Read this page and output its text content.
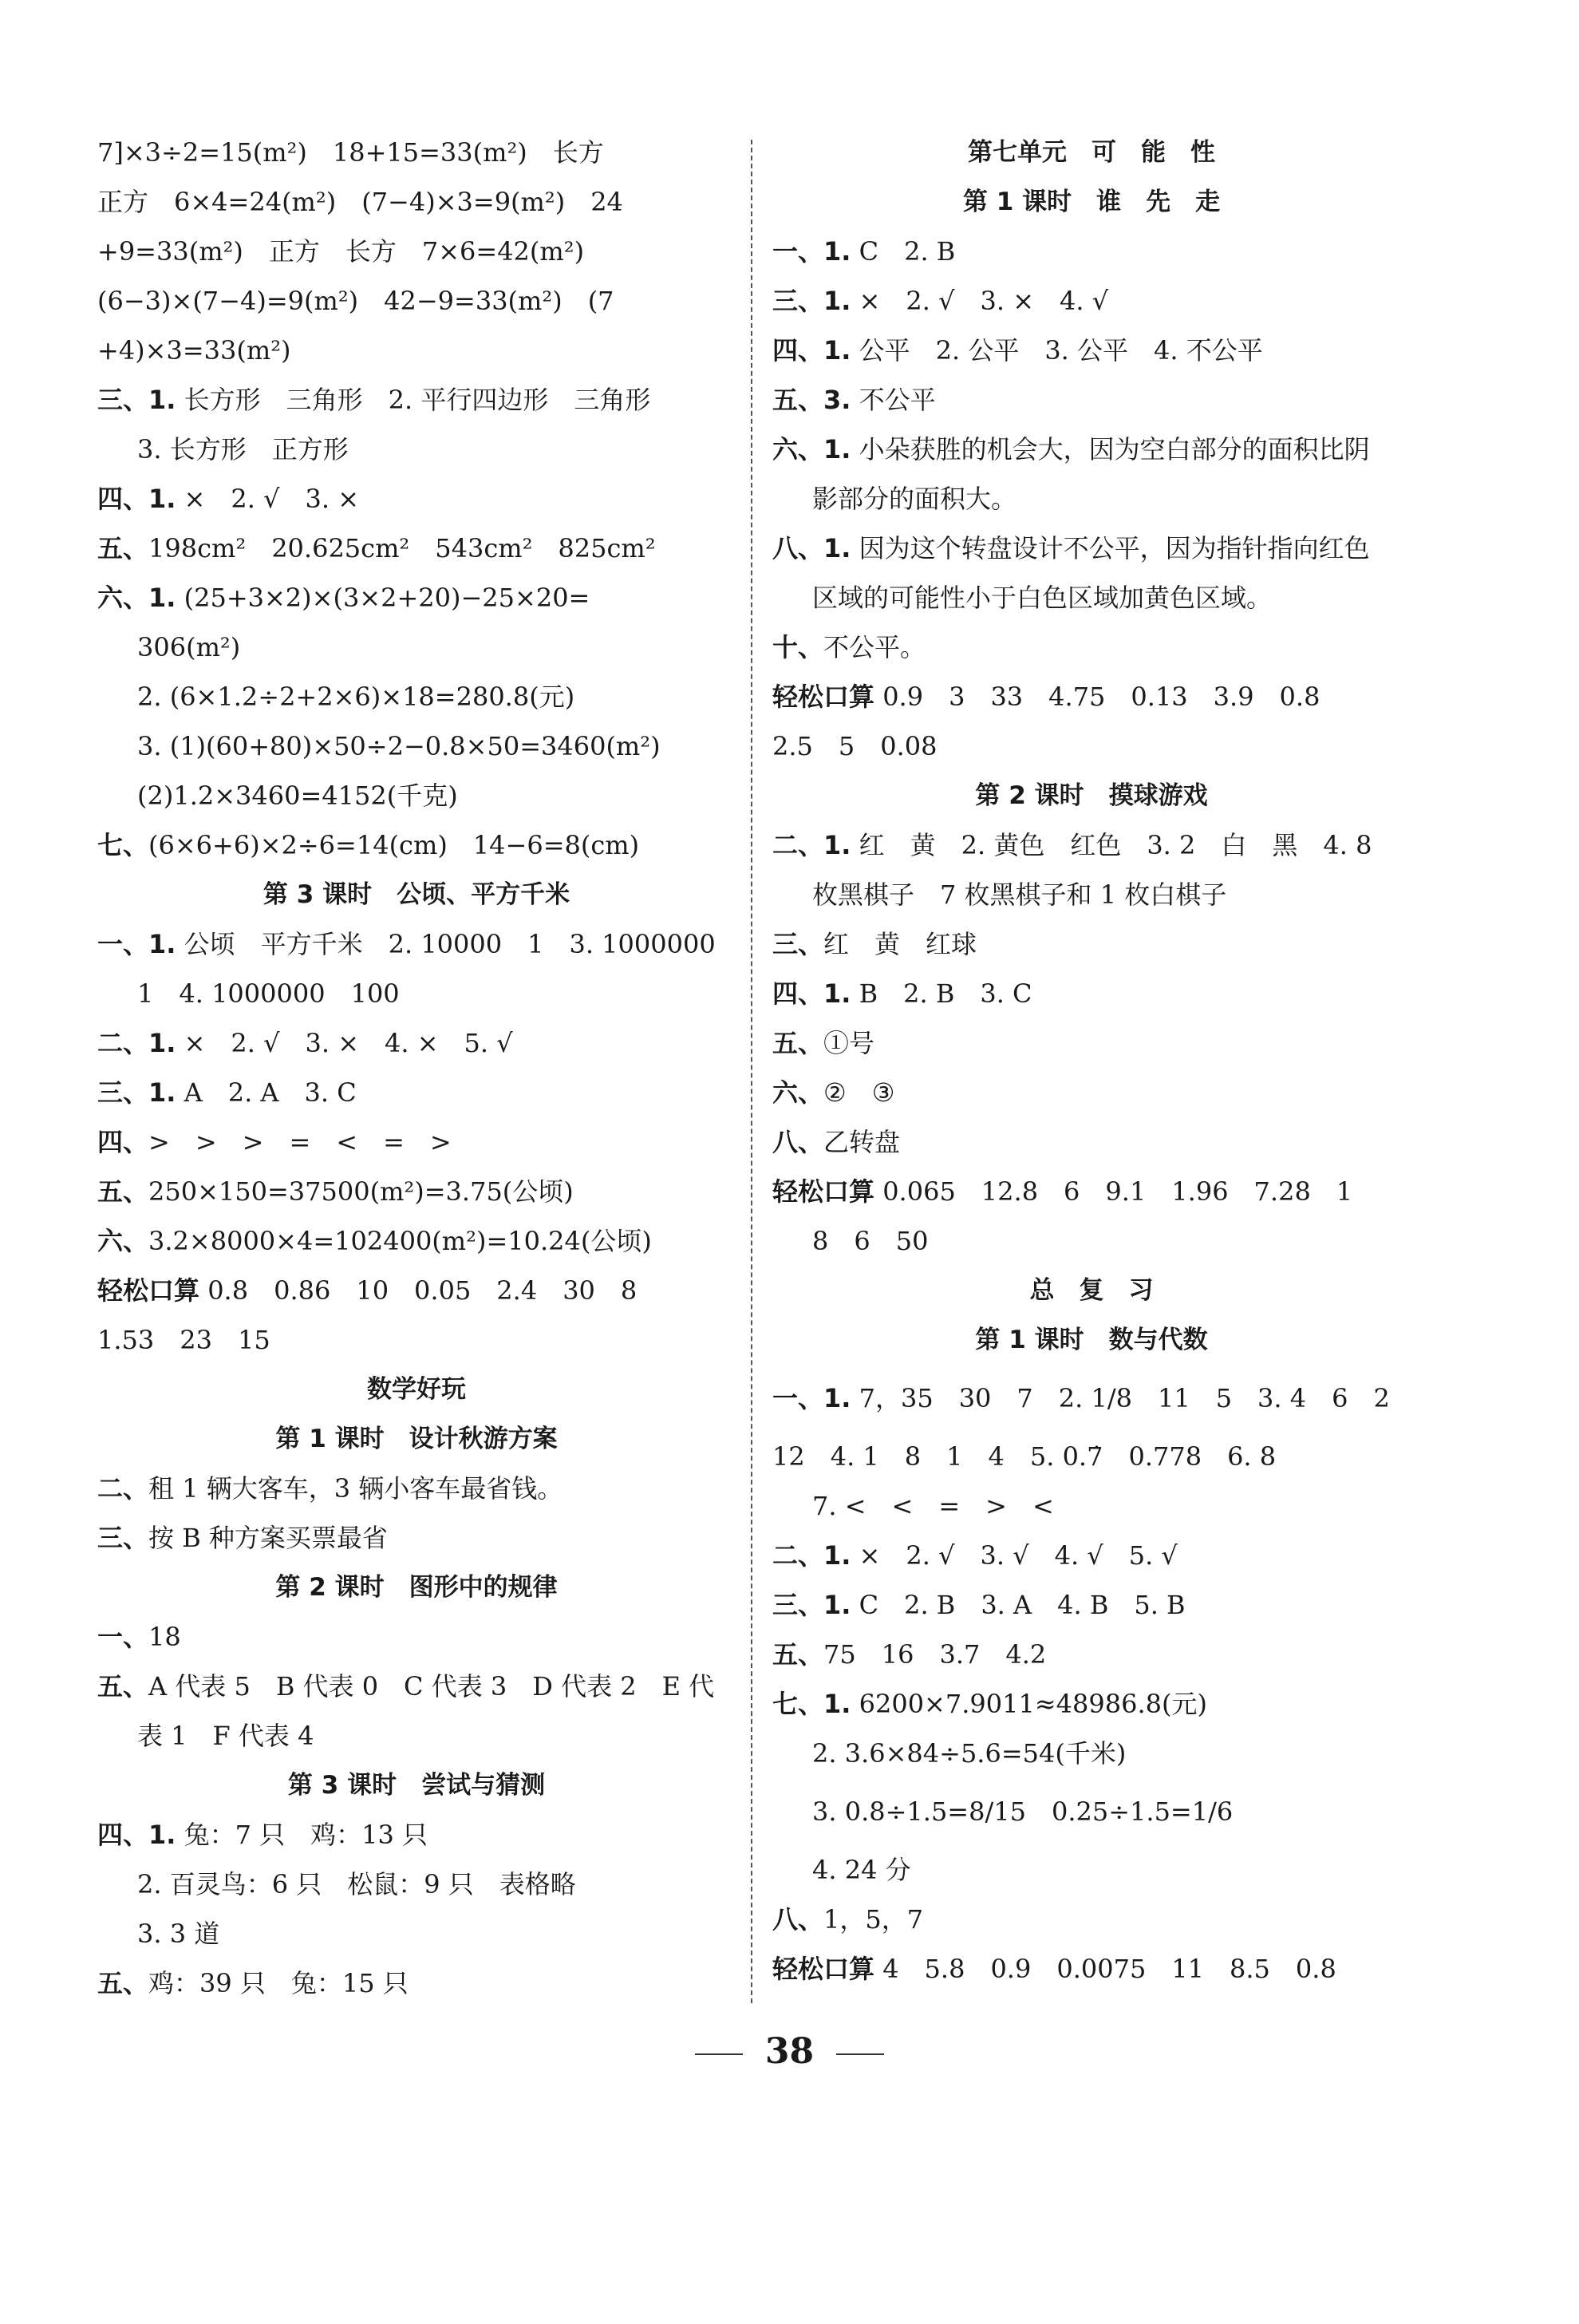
7]×3÷2=15(m²)　18+15=33(m²)　长方
正方　6×4=24(m²)　(7−4)×3=9(m²)　24
+9=33(m²)　正方　长方　7×6=42(m²)
(6−3)×(7−4)=9(m²)　42−9=33(m²)　(7
+4)×3=33(m²)
三、1. 长方形　三角形　2. 平行四边形　三角形
3. 长方形　正方形
四、1. ×　2. √　3. ×
五、198cm²　20.625cm²　543cm²　825cm²
六、1. (25+3×2)×(3×2+20)−25×20=
306(m²)
2. (6×1.2÷2+2×6)×18=280.8(元)
3. (1)(60+80)×50÷2−0.8×50=3460(m²)
(2)1.2×3460=4152(千克)
七、(6×6+6)×2÷6=14(cm)　14−6=8(cm)
第 3 课时　公顷、平方千米
一、1. 公顷　平方千米　2. 10000　1　3. 1000000
1　4. 1000000　100
二、1. ×　2. √　3. ×　4. ×　5. √
三、1. A　2. A　3. C
四、>　>　>　=　<　=　>
五、250×150=37500(m²)=3.75(公顷)
六、3.2×8000×4=102400(m²)=10.24(公顷)
轻松口算 0.8　0.86　10　0.05　2.4　30　8
1.53　23　15
数学好玩
第 1 课时　设计秋游方案
二、租 1 辆大客车，3 辆小客车最省钱。
三、按 B 种方案买票最省
第 2 课时　图形中的规律
一、18
五、A 代表 5　B 代表 0　C 代表 3　D 代表 2　E 代
表 1　F 代表 4
第 3 课时　尝试与猜测
四、1. 兔：7 只　鸡：13 只
2. 百灵鸟：6 只　松鼠：9 只　表格略
3. 3 道
五、鸡：39 只　兔：15 只
第七单元　可　能　性
第 1 课时　谁　先　走
一、1. C　2. B
三、1. ×　2. √　3. ×　4. √
四、1. 公平　2. 公平　3. 公平　4. 不公平
五、3. 不公平
六、1. 小朵获胜的机会大，因为空白部分的面积比阴
影部分的面积大。
八、1. 因为这个转盘设计不公平，因为指针指向红色
区域的可能性小于白色区域加黄色区域。
十、不公平。
轻松口算 0.9　3　33　4.75　0.13　3.9　0.8
2.5　5　0.08
第 2 课时　摸球游戏
二、1. 红　黄　2. 黄色　红色　3. 2　白　黑　4. 8
枚黑棋子　7 枚黑棋子和 1 枚白棋子
三、红　黄　红球
四、1. B　2. B　3. C
五、①号
六、②　③
八、乙转盘
轻松口算 0.065　12.8　6　9.1　1.96　7.28　1
8　6　50
总　复　习
第 1 课时　数与代数
一、1. 7，35　30　7　2. 1/8　11　5　3. 4　6　2
12　4. 1　8　1　4　5. 0.7̇　0.778　6. 8
7. <　<　=　>　<
二、1. ×　2. √　3. √　4. √　5. √
三、1. C　2. B　3. A　4. B　5. B
五、75　16　3.7　4.2
七、1. 6200×7.9011≈48986.8(元)
2. 3.6×84÷5.6=54(千米)
3. 0.8÷1.5=8/15　0.25÷1.5=1/6
4. 24 分
八、1，5，7
轻松口算 4　5.8　0.9　0.0075　11　8.5　0.8
38
